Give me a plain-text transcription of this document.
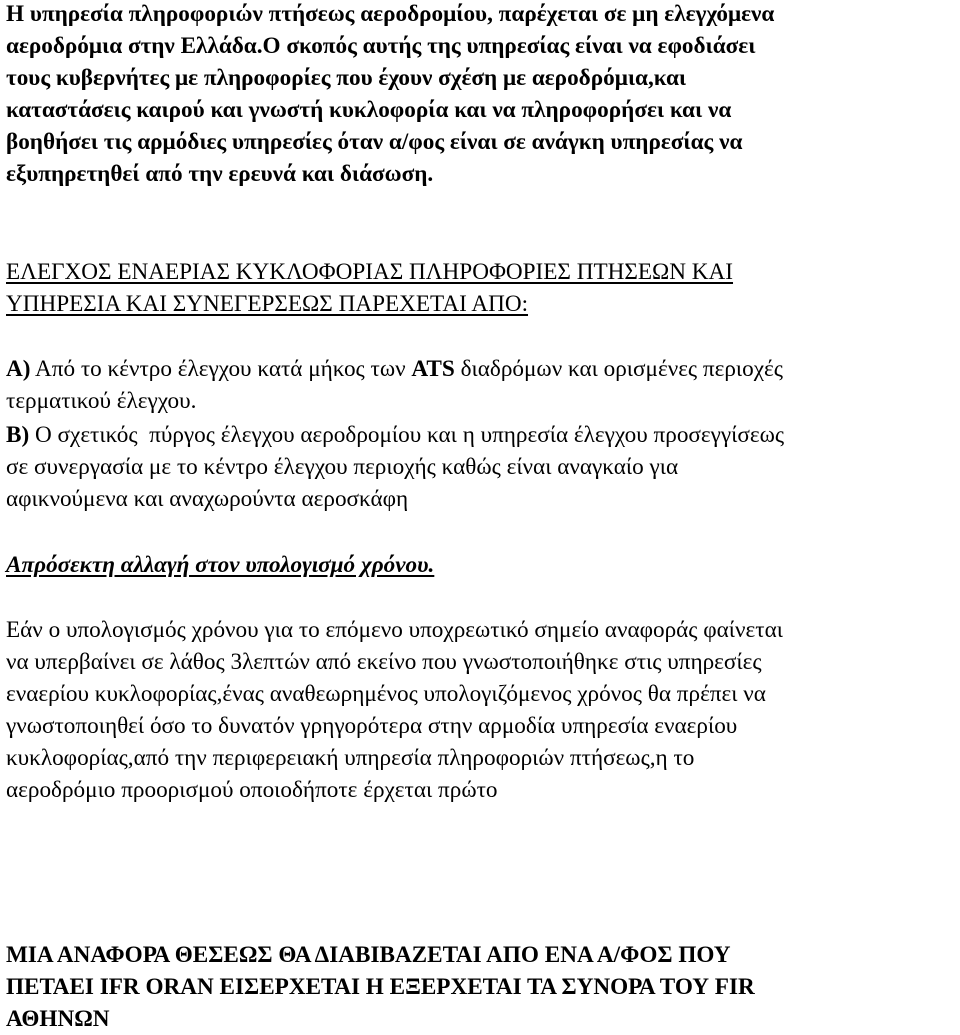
Η υπηρεσία πληροφοριών πτήσεως αεροδρομίου, παρέχεται σε μη ελεγχόμενα
αεροδρόμια στην Ελλάδα.Ο σκοπός αυτής της υπηρεσίας είναι να εφοδιάσει
τους κυβερνήτες με πληροφορίες που έχουν σχέση με αεροδρόμια,και
καταστάσεις καιρού και γνωστή κυκλοφορία και να πληροφορήσει και να
βοηθήσει τις αρμόδιες υπηρεσίες όταν α/φος είναι σε ανάγκη υπηρεσίας να
εξυπηρετηθεί από την ερευνά και διάσωση.

ΕΛΕΓΧΟΣ ΕΝΑΕΡΙΑΣ ΚΥΚΛΟΦΟΡΙΑΣ ΠΛΗΡΟΦΟΡΙΕΣ ΠΤΗΣΕΩΝ ΚΑΙ
ΥΠΗΡΕΣΙΑ ΚΑΙ ΣΥΝΕΓΕΡΣΕΩΣ ΠΑΡΕΧΕΤΑΙ ΑΠΟ:

Α) Από το κέντρο έλεγχου κατά μήκος των ATS διαδρόμων και ορισμένες περιοχές
τερματικού έλεγχου.

Β) Ο σχετικός  πύργος έλεγχου αεροδρομίου και η υπηρεσία έλεγχου προσεγγίσεως
σε συνεργασία με το κέντρο έλεγχου περιοχής καθώς είναι αναγκαίο για
αφικνούμενα και αναχωρούντα αεροσκάφη

Απρόσεκτη αλλαγή στον υπολογισμό χρόνου.

Εάν ο υπολογισμός χρόνου για το επόμενο υποχρεωτικό σημείο αναφοράς φαίνεται
να υπερβαίνει σε λάθος 3λεπτών από εκείνο που γνωστοποιήθηκε στις υπηρεσίες
εναερίου κυκλοφορίας,ένας αναθεωρημένος υπολογιζόμενος χρόνος θα πρέπει να
γνωστοποιηθεί όσο το δυνατόν γρηγορότερα στην αρμοδία υπηρεσία εναερίου
κυκλοφορίας,από την περιφερειακή υπηρεσία πληροφοριών πτήσεως,η το
αεροδρόμιο προορισμού οποιοδήποτε έρχεται πρώτο

ΜΙΑ ΑΝΑΦΟΡΑ ΘΕΣΕΩΣ ΘΑ ΔΙΑΒΙΒΑΖΕΤΑΙ ΑΠΟ ΕΝΑ Α/ΦΟΣ ΠΟΥ
ΠΕΤΑΕΙ IFR ORAN ΕΙΣΕΡΧΕΤΑΙ Η ΕΞΕΡΧΕΤΑΙ ΤΑ ΣΥΝΟΡΑ ΤΟΥ FIR
ΑΘΗΝΩΝ
